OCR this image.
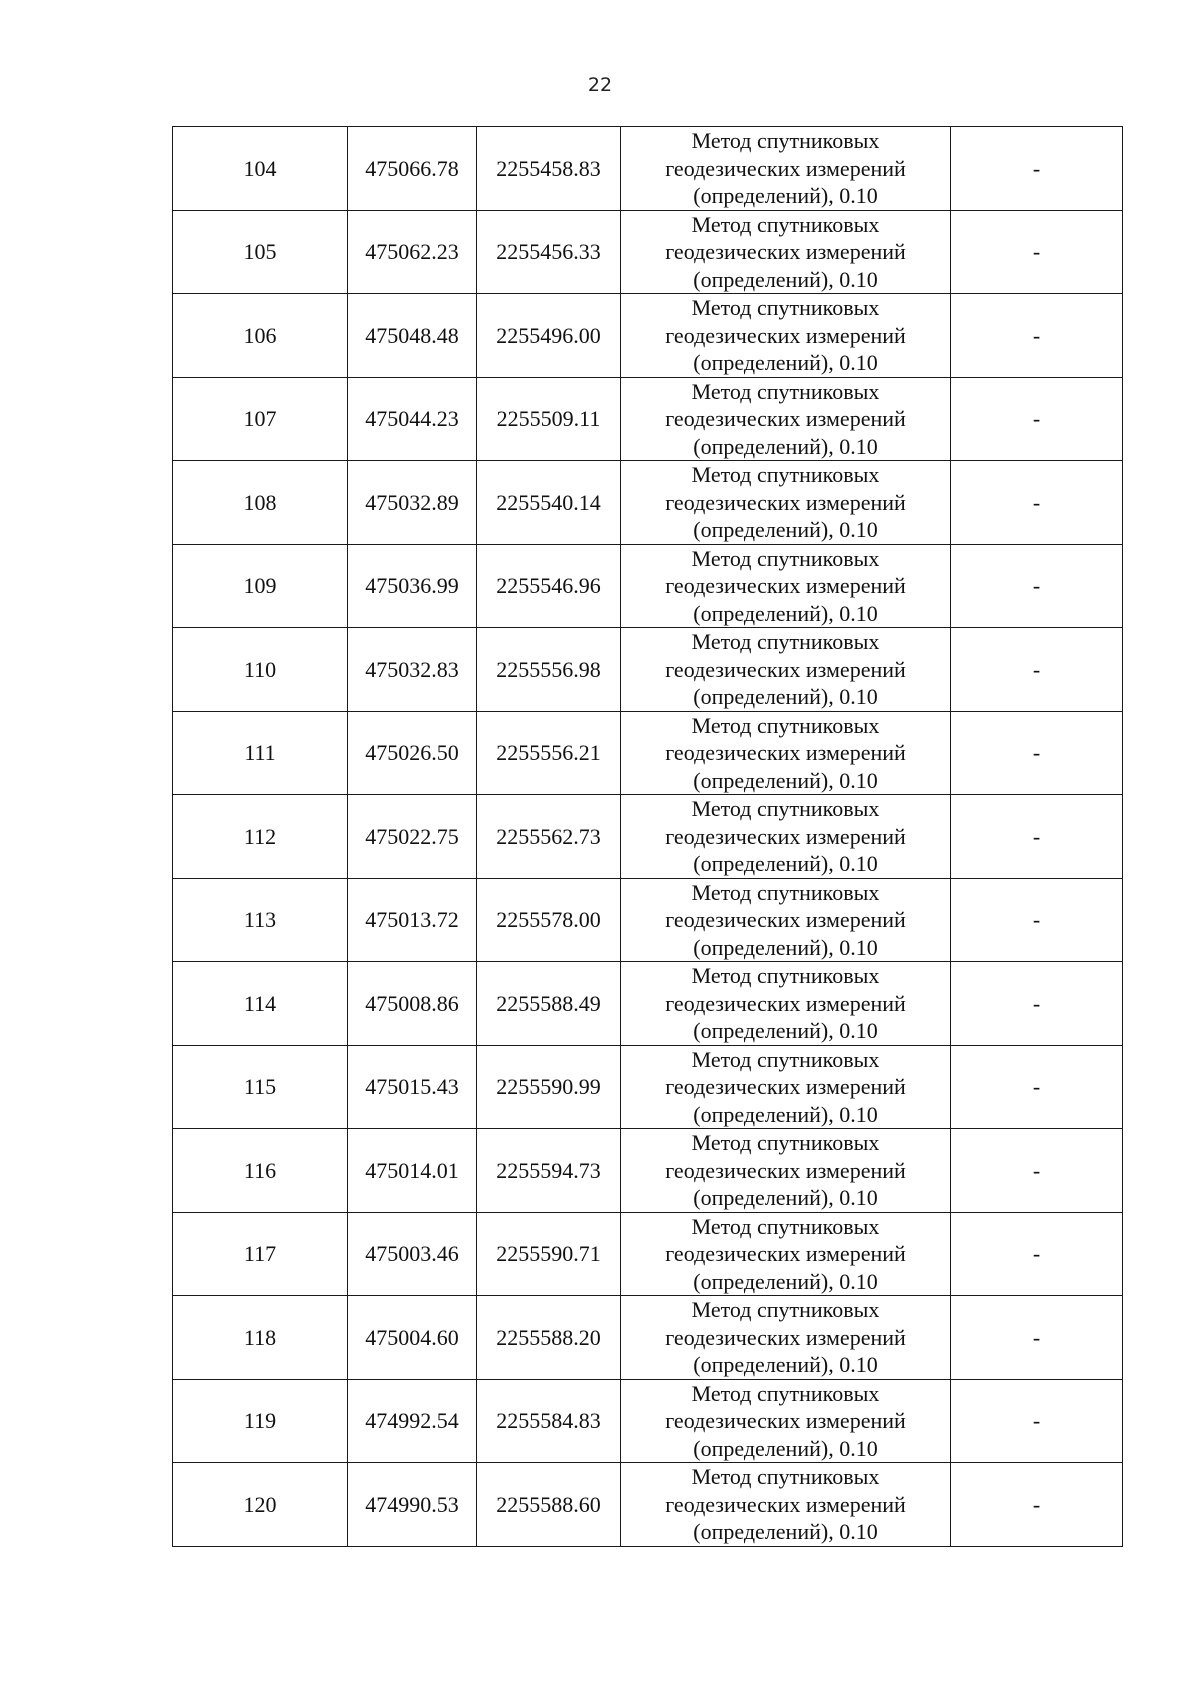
22
104	475066.78	2255458.83	Метод спутниковых
геодезических измерений
(определений), 0.10	-
105	475062.23	2255456.33	Метод спутниковых
геодезических измерений
(определений), 0.10	-
106	475048.48	2255496.00	Метод спутниковых
геодезических измерений
(определений), 0.10	-
107	475044.23	2255509.11	Метод спутниковых
геодезических измерений
(определений), 0.10	-
108	475032.89	2255540.14	Метод спутниковых
геодезических измерений
(определений), 0.10	-
109	475036.99	2255546.96	Метод спутниковых
геодезических измерений
(определений), 0.10	-
110	475032.83	2255556.98	Метод спутниковых
геодезических измерений
(определений), 0.10	-
111	475026.50	2255556.21	Метод спутниковых
геодезических измерений
(определений), 0.10	-
112	475022.75	2255562.73	Метод спутниковых
геодезических измерений
(определений), 0.10	-
113	475013.72	2255578.00	Метод спутниковых
геодезических измерений
(определений), 0.10	-
114	475008.86	2255588.49	Метод спутниковых
геодезических измерений
(определений), 0.10	-
115	475015.43	2255590.99	Метод спутниковых
геодезических измерений
(определений), 0.10	-
116	475014.01	2255594.73	Метод спутниковых
геодезических измерений
(определений), 0.10	-
117	475003.46	2255590.71	Метод спутниковых
геодезических измерений
(определений), 0.10	-
118	475004.60	2255588.20	Метод спутниковых
геодезических измерений
(определений), 0.10	-
119	474992.54	2255584.83	Метод спутниковых
геодезических измерений
(определений), 0.10	-
120	474990.53	2255588.60	Метод спутниковых
геодезических измерений
(определений), 0.10	-
